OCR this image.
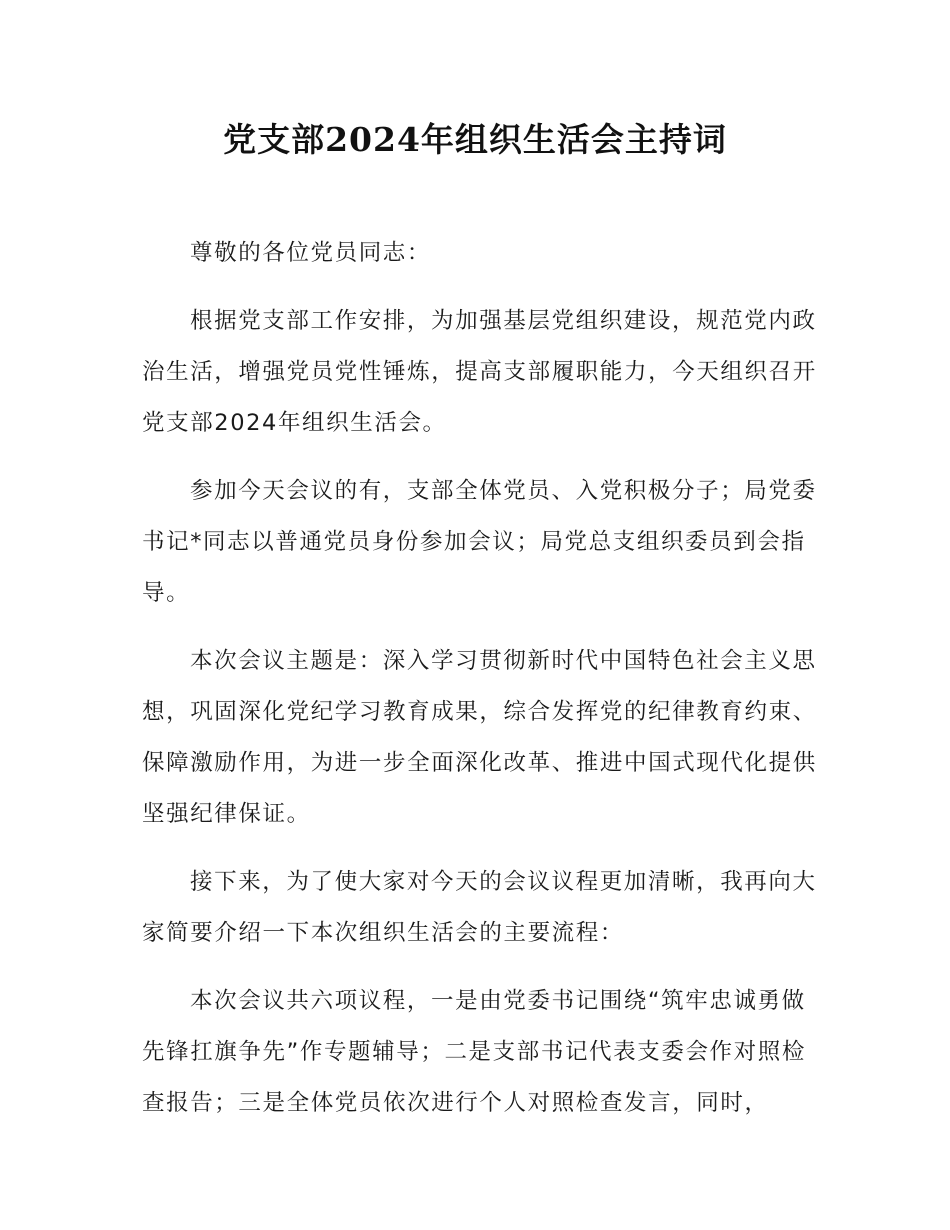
党支部2024年组织生活会主持词

尊敬的各位党员同志：

根据党支部工作安排，为加强基层党组织建设，规范党内政治生活，增强党员党性锤炼，提高支部履职能力，今天组织召开党支部2024年组织生活会。

参加今天会议的有，支部全体党员、入党积极分子；局党委书记*同志以普通党员身份参加会议；局党总支组织委员到会指导。

本次会议主题是：深入学习贯彻新时代中国特色社会主义思想，巩固深化党纪学习教育成果，综合发挥党的纪律教育约束、保障激励作用，为进一步全面深化改革、推进中国式现代化提供坚强纪律保证。

接下来，为了使大家对今天的会议议程更加清晰，我再向大家简要介绍一下本次组织生活会的主要流程：

本次会议共六项议程，一是由党委书记围绕“筑牢忠诚勇做先锋扛旗争先”作专题辅导；二是支部书记代表支委会作对照检查报告；三是全体党员依次进行个人对照检查发言，同时，
